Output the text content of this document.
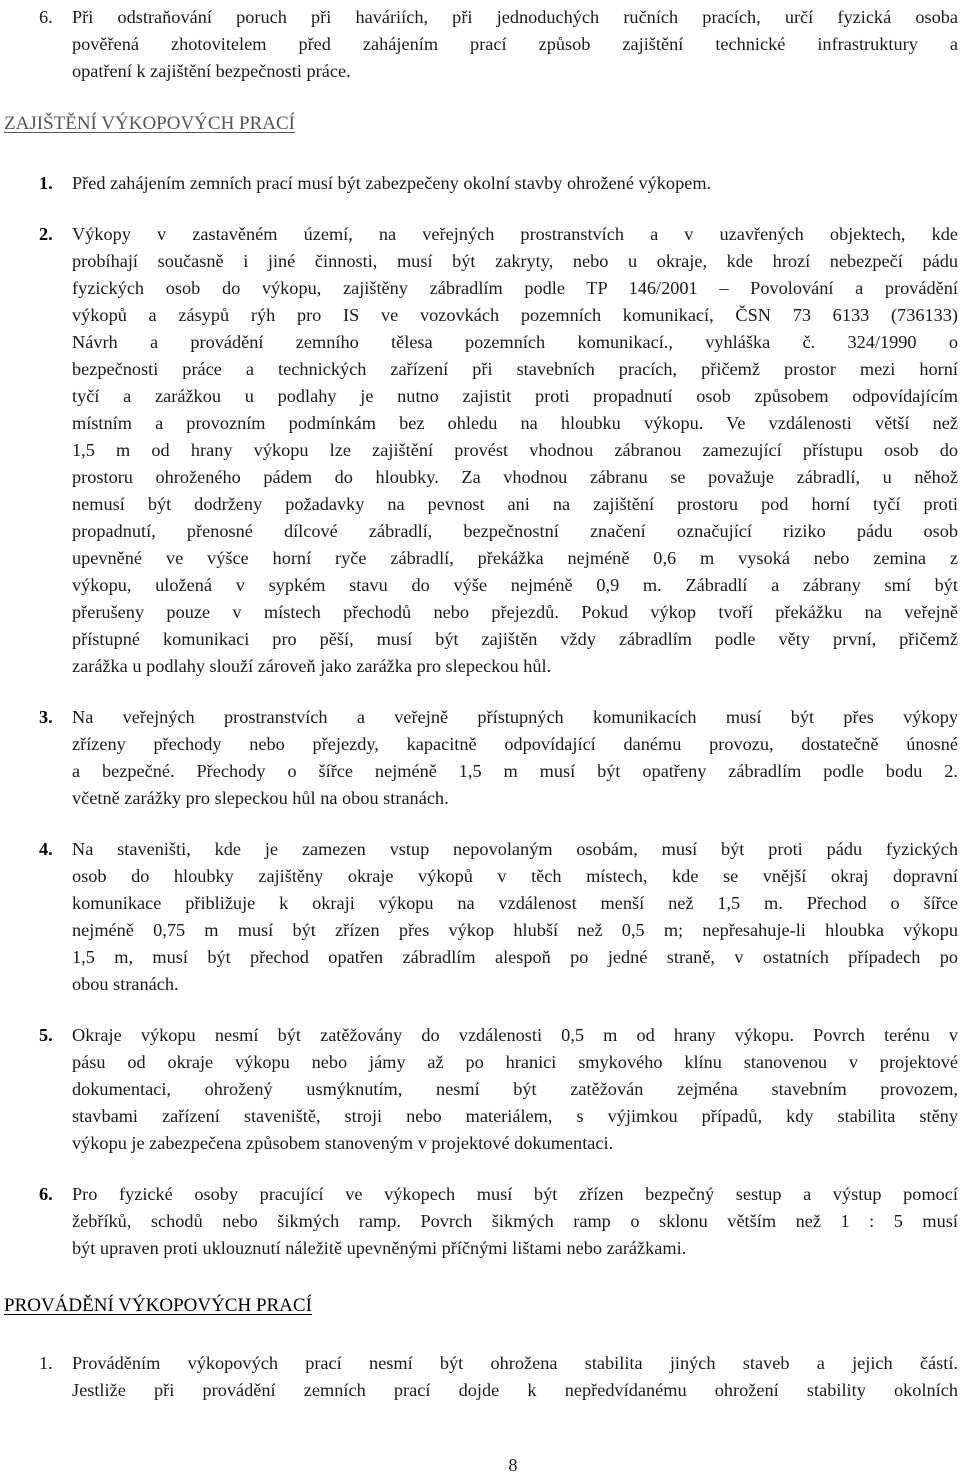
ZAJIŠTĚNÍ VÝKOPOVÝCH PRACÍ
PROVÁDĚNÍ VÝKOPOVÝCH PRACÍ
6. Při odstraňování poruch při haváriích, při jednoduchých ručních pracích, určí fyzická osoba
pověřená zhotovitelem před zahájením prací způsob zajištění technické infrastruktury a
opatření k zajištění bezpečnosti práce.
1. Před zahájením zemních prací musí být zabezpečeny okolní stavby ohrožené výkopem.
2. Výkopy v zastavěném území, na veřejných prostranstvích a v uzavřených objektech, kde
probíhají současně i jiné činnosti, musí být zakryty, nebo u okraje, kde hrozí nebezpečí pádu
fyzických osob do výkopu, zajištěny zábradlím podle TP 146/2001 – Povolování a provádění
výkopů a zásypů rýh pro IS ve vozovkách pozemních komunikací, ČSN 73 6133 (736133)
Návrh a provádění zemního tělesa pozemních komunikací., vyhláška č. 324/1990 o
bezpečnosti práce a technických zařízení při stavebních pracích, přičemž prostor mezi horní
tyčí a zarážkou u podlahy je nutno zajistit proti propadnutí osob způsobem odpovídajícím
místním a provozním podmínkám bez ohledu na hloubku výkopu. Ve vzdálenosti větší než
1,5 m od hrany výkopu lze zajištění provést vhodnou zábranou zamezující přístupu osob do
prostoru ohroženého pádem do hloubky. Za vhodnou zábranu se považuje zábradlí, u něhož
nemusí být dodrženy požadavky na pevnost ani na zajištění prostoru pod horní tyčí proti
propadnutí, přenosné dílcové zábradlí, bezpečnostní značení označující riziko pádu osob
upevněné ve výšce horní ryče zábradlí, překážka nejméně 0,6 m vysoká nebo zemina z
výkopu, uložená v sypkém stavu do výše nejméně 0,9 m. Zábradlí a zábrany smí být
přerušeny pouze v místech přechodů nebo přejezdů. Pokud výkop tvoří překážku na veřejně
přístupné komunikaci pro pěší, musí být zajištěn vždy zábradlím podle věty první, přičemž
zarážka u podlahy slouží zároveň jako zarážka pro slepeckou hůl.
3. Na veřejných prostranstvích a veřejně přístupných komunikacích musí být přes výkopy
zřízeny přechody nebo přejezdy, kapacitně odpovídající danému provozu, dostatečně únosné
a bezpečné. Přechody o šířce nejméně 1,5 m musí být opatřeny zábradlím podle bodu 2.
včetně zarážky pro slepeckou hůl na obou stranách.
4. Na staveništi, kde je zamezen vstup nepovolaným osobám, musí být proti pádu fyzických
osob do hloubky zajištěny okraje výkopů v těch místech, kde se vnější okraj dopravní
komunikace přibližuje k okraji výkopu na vzdálenost menší než 1,5 m. Přechod o šířce
nejméně 0,75 m musí být zřízen přes výkop hlubší než 0,5 m; nepřesahuje-li hloubka výkopu
1,5 m, musí být přechod opatřen zábradlím alespoň po jedné straně, v ostatních případech po
obou stranách.
5. Okraje výkopu nesmí být zatěžovány do vzdálenosti 0,5 m od hrany výkopu. Povrch terénu v
pásu od okraje výkopu nebo jámy až po hranici smykového klínu stanovenou v projektové
dokumentaci, ohrožený usmýknutím, nesmí být zatěžován zejména stavebním provozem,
stavbami zařízení staveniště, stroji nebo materiálem, s výjimkou případů, kdy stabilita stěny
výkopu je zabezpečena způsobem stanoveným v projektové dokumentaci.
6. Pro fyzické osoby pracující ve výkopech musí být zřízen bezpečný sestup a výstup pomocí
žebříků, schodů nebo šikmých ramp. Povrch šikmých ramp o sklonu větším než 1 : 5 musí
být upraven proti uklouznutí náležitě upevněnými příčnými lištami nebo zarážkami.
1. Prováděním výkopových prací nesmí být ohrožena stabilita jiných staveb a jejich částí.
Jestliže při provádění zemních prací dojde k nepředvídanému ohrožení stability okolních
8
